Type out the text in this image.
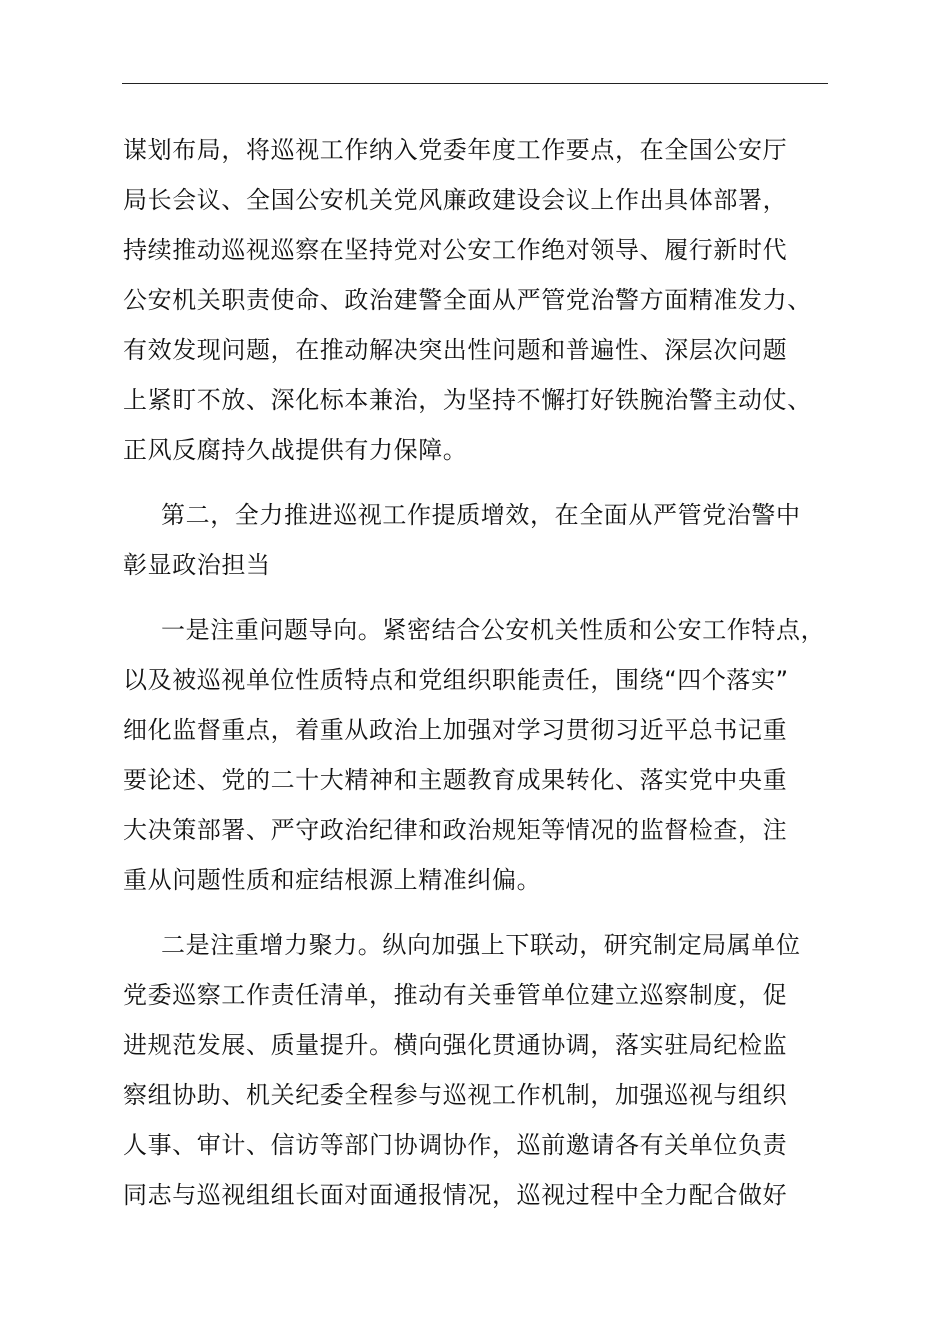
谋划布局，将巡视工作纳入党委年度工作要点，在全国公安厅
局长会议、全国公安机关党风廉政建设会议上作出具体部署，
持续推动巡视巡察在坚持党对公安工作绝对领导、履行新时代
公安机关职责使命、政治建警全面从严管党治警方面精准发力、
有效发现问题，在推动解决突出性问题和普遍性、深层次问题
上紧盯不放、深化标本兼治，为坚持不懈打好铁腕治警主动仗、
正风反腐持久战提供有力保障。
第二，全力推进巡视工作提质增效，在全面从严管党治警中
彰显政治担当
一是注重问题导向。紧密结合公安机关性质和公安工作特点，
以及被巡视单位性质特点和党组织职能责任，围绕“四个落实”
细化监督重点，着重从政治上加强对学习贯彻习近平总书记重
要论述、党的二十大精神和主题教育成果转化、落实党中央重
大决策部署、严守政治纪律和政治规矩等情况的监督检查，注
重从问题性质和症结根源上精准纠偏。
二是注重增力聚力。纵向加强上下联动，研究制定局属单位
党委巡察工作责任清单，推动有关垂管单位建立巡察制度，促
进规范发展、质量提升。横向强化贯通协调，落实驻局纪检监
察组协助、机关纪委全程参与巡视工作机制，加强巡视与组织
人事、审计、信访等部门协调协作，巡前邀请各有关单位负责
同志与巡视组组长面对面通报情况，巡视过程中全力配合做好
